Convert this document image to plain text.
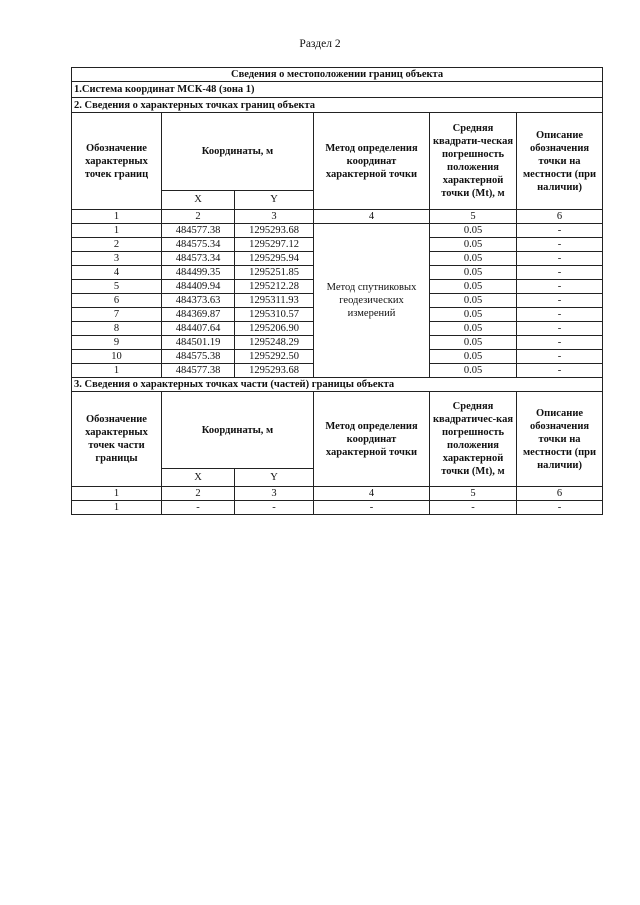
Раздел 2
Сведения о местоположении границ объекта					
1.Система координат МСК-48 (зона 1)					
2. Сведения о характерных точках границ объекта					
Обозначение характерных точек границ	Координаты, м		Метод определения координат характерной точки	Средняя квадрати-ческая погрешность положения характерной точки (Mt), м	Описание обозначения точки на местности (при наличии)
	X	Y			
1	2	3	4	5	6
1	484577.38	1295293.68	Метод спутниковых геодезических измерений	0.05	-
2	484575.34	1295297.12		0.05	-
3	484573.34	1295295.94		0.05	-
4	484499.35	1295251.85		0.05	-
5	484409.94	1295212.28		0.05	-
6	484373.63	1295311.93		0.05	-
7	484369.87	1295310.57		0.05	-
8	484407.64	1295206.90		0.05	-
9	484501.19	1295248.29		0.05	-
10	484575.38	1295292.50		0.05	-
1	484577.38	1295293.68		0.05	-
3. Сведения о характерных точках части (частей) границы объекта					
Обозначение характерных точек части границы	Координаты, м		Метод определения координат характерной точки	Средняя квадратичес-кая погрешность положения характерной точки (Mt), м	Описание обозначения точки на местности (при наличии)
	X	Y			
1	2	3	4	5	6
1	-	-	-	-	-
